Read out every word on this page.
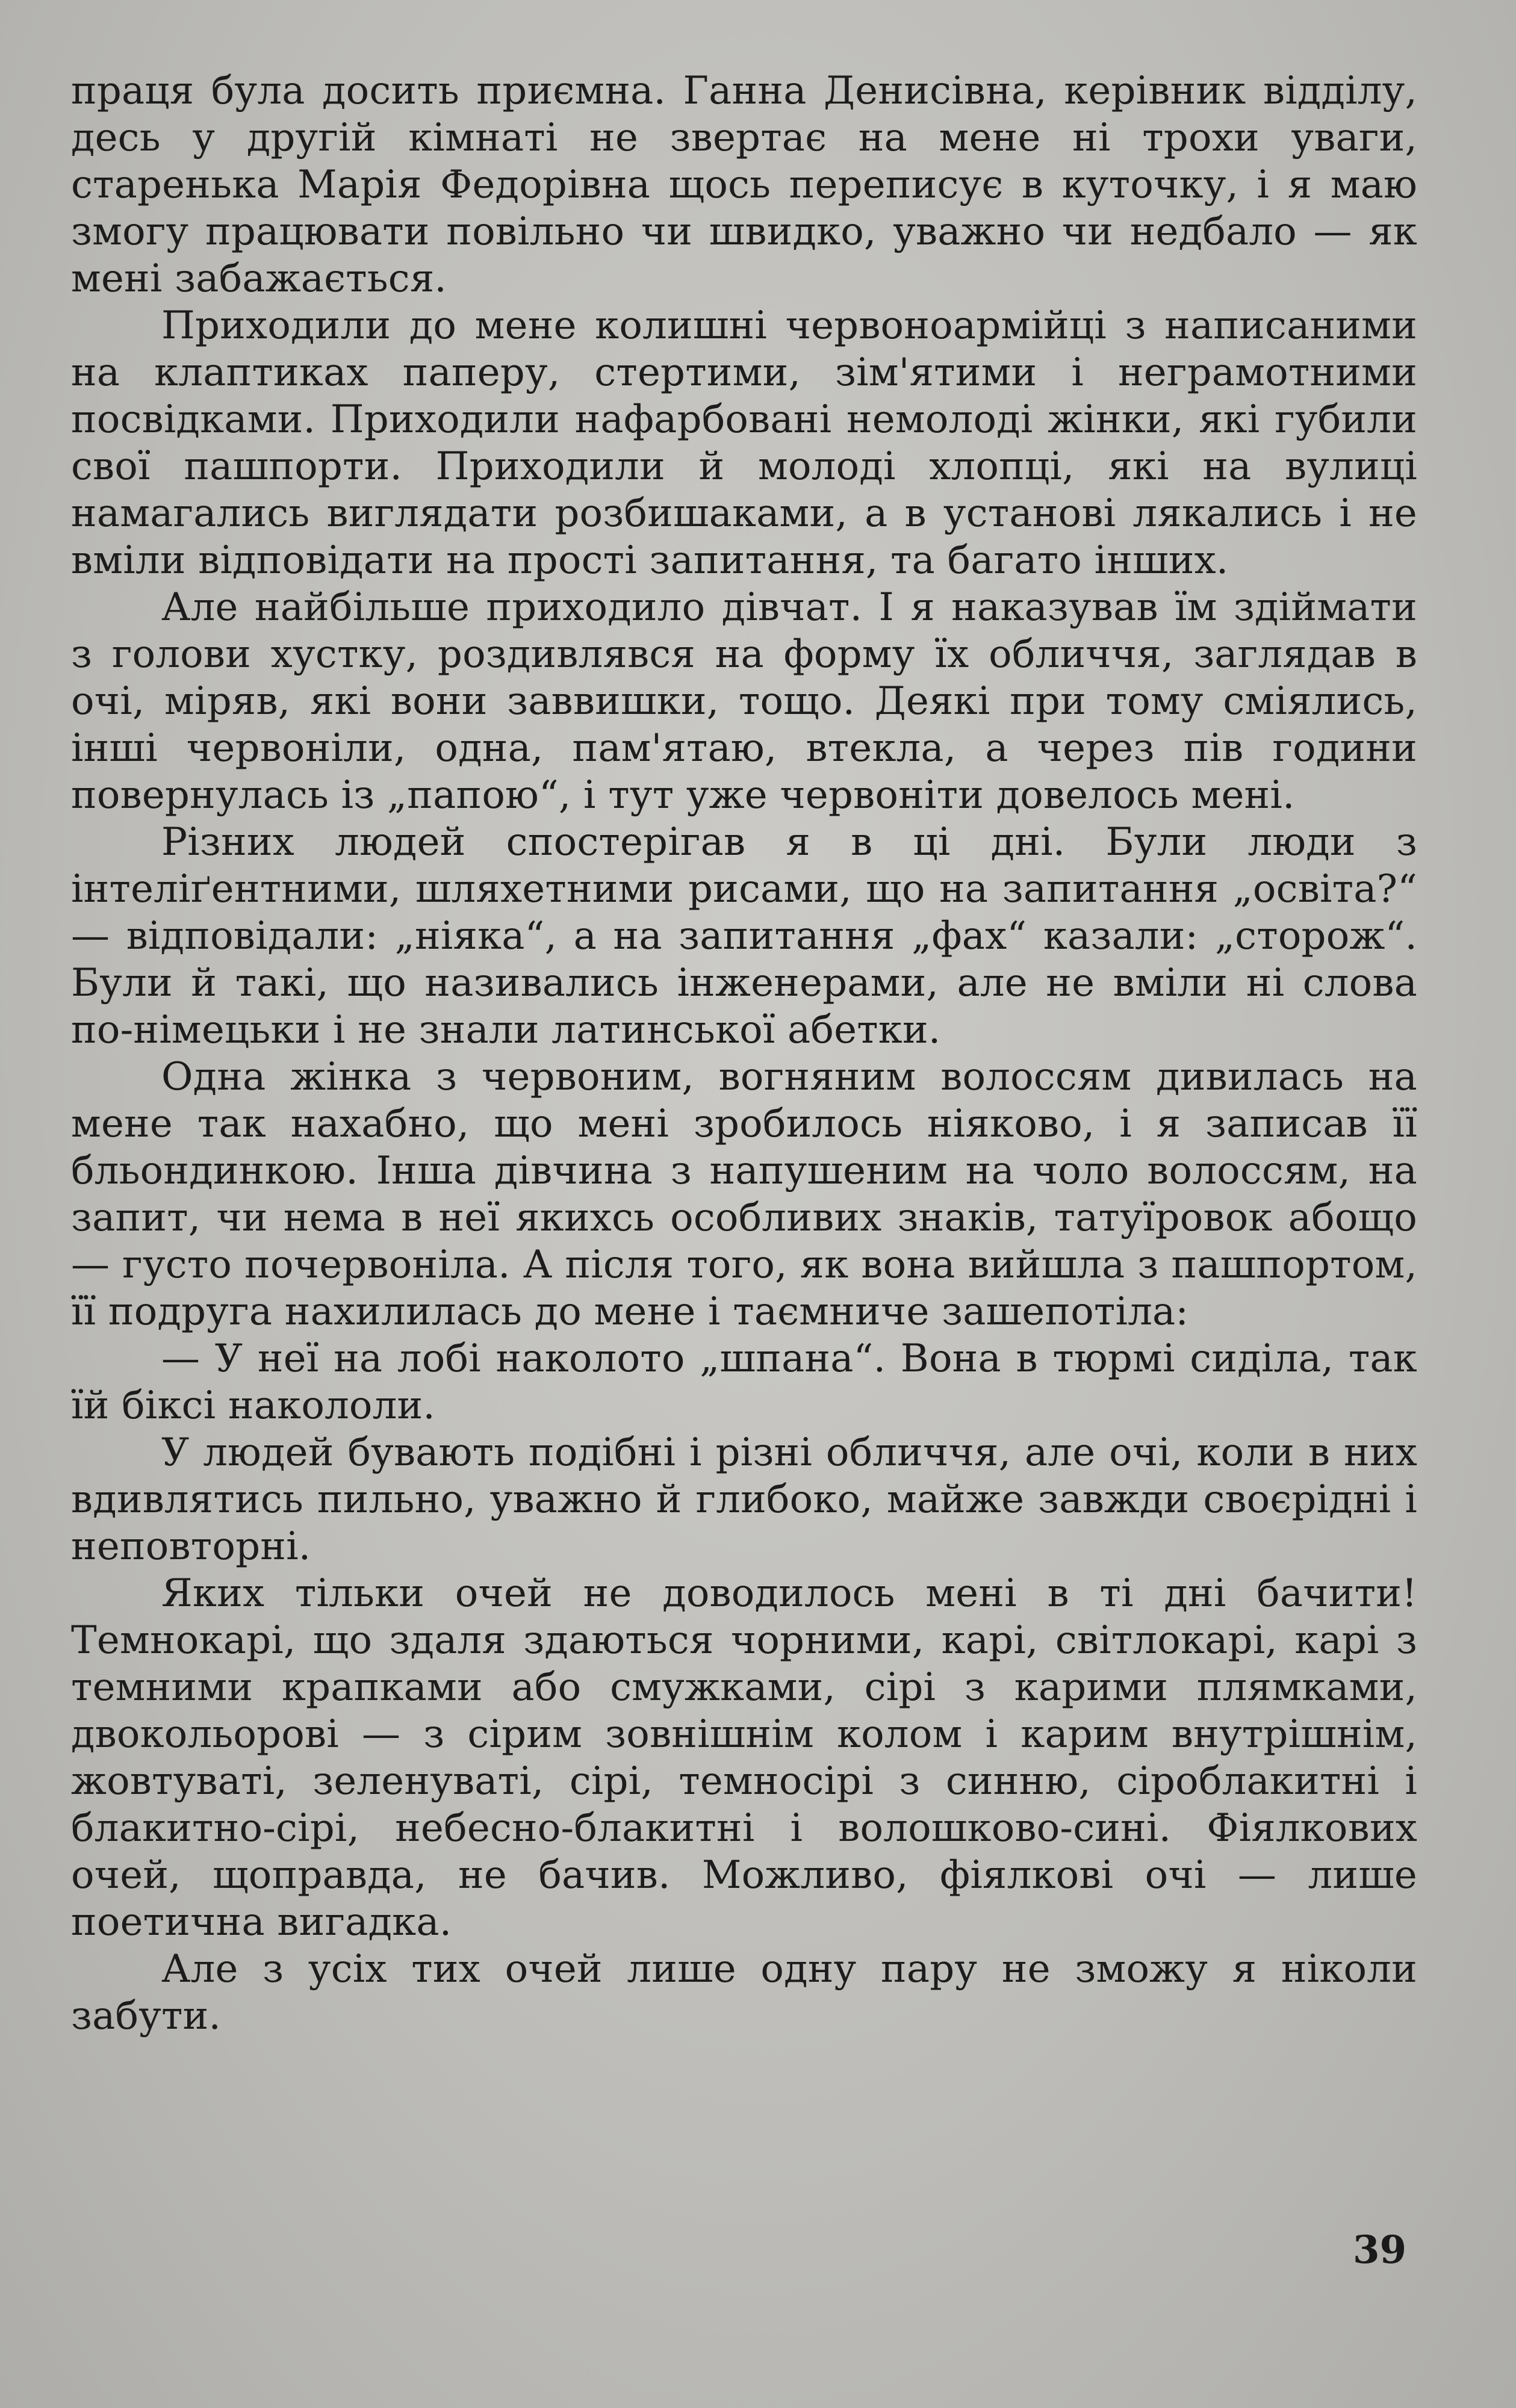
праця була досить приємна. Ганна Денисівна, керівник відділу, десь у другій кімнаті не звертає на мене ні трохи уваги, старенька Марія Федорівна щось переписує в куточку, і я маю змогу працювати повільно чи швидко, уважно чи недбало — як мені забажається.

Приходили до мене колишні червоноармійці з написаними на клаптиках паперу, стертими, зім'ятими і неграмотними посвідками. Приходили нафарбовані немолоді жінки, які губили свої пашпорти. Приходили й молоді хлопці, які на вулиці намагались виглядати розбишаками, а в установі лякались і не вміли відповідати на прості запитання, та багато інших.

Але найбільше приходило дівчат. І я наказував їм здіймати з голови хустку, роздивлявся на форму їх обличчя, заглядав в очі, міряв, які вони заввишки, тощо. Деякі при тому сміялись, інші червоніли, одна, пам'ятаю, втекла, а через пів години повернулась із „папою“, і тут уже червоніти довелось мені.

Різних людей спостерігав я в ці дні. Були люди з інтеліґентними, шляхетними рисами, що на запитання „освіта?“ — відповідали: „ніяка“, а на запитання „фах“ казали: „сторож“. Були й такі, що називались інженерами, але не вміли ні слова по-німецьки і не знали латинської абетки.

Одна жінка з червоним, вогняним волоссям дивилась на мене так нахабно, що мені зробилось ніяково, і я записав її бльондинкою. Інша дівчина з напушеним на чоло волоссям, на запит, чи нема в неї якихсь особливих знаків, татуїровок абощо — густо почервоніла. А після того, як вона вийшла з пашпортом, її подруга нахилилась до мене і таємниче зашепотіла:

— У неї на лобі наколото „шпана“. Вона в тюрмі сиділа, так їй біксі накололи.

У людей бувають подібні і різні обличчя, але очі, коли в них вдивлятись пильно, уважно й глибоко, майже завжди своєрідні і неповторні.

Яких тільки очей не доводилось мені в ті дні бачити! Темнокарі, що здаля здаються чорними, карі, світлокарі, карі з темними крапками або смужками, сірі з карими плямками, двокольорові — з сірим зовнішнім колом і карим внутрішнім, жовтуваті, зеленуваті, сірі, темносірі з синню, сіроблакитні і блакитно-сірі, небесно-блакитні і волошково-сині. Фіялкових очей, щоправда, не бачив. Можливо, фіялкові очі — лише поетична вигадка.

Але з усіх тих очей лише одну пару не зможу я ніколи забути.

39
